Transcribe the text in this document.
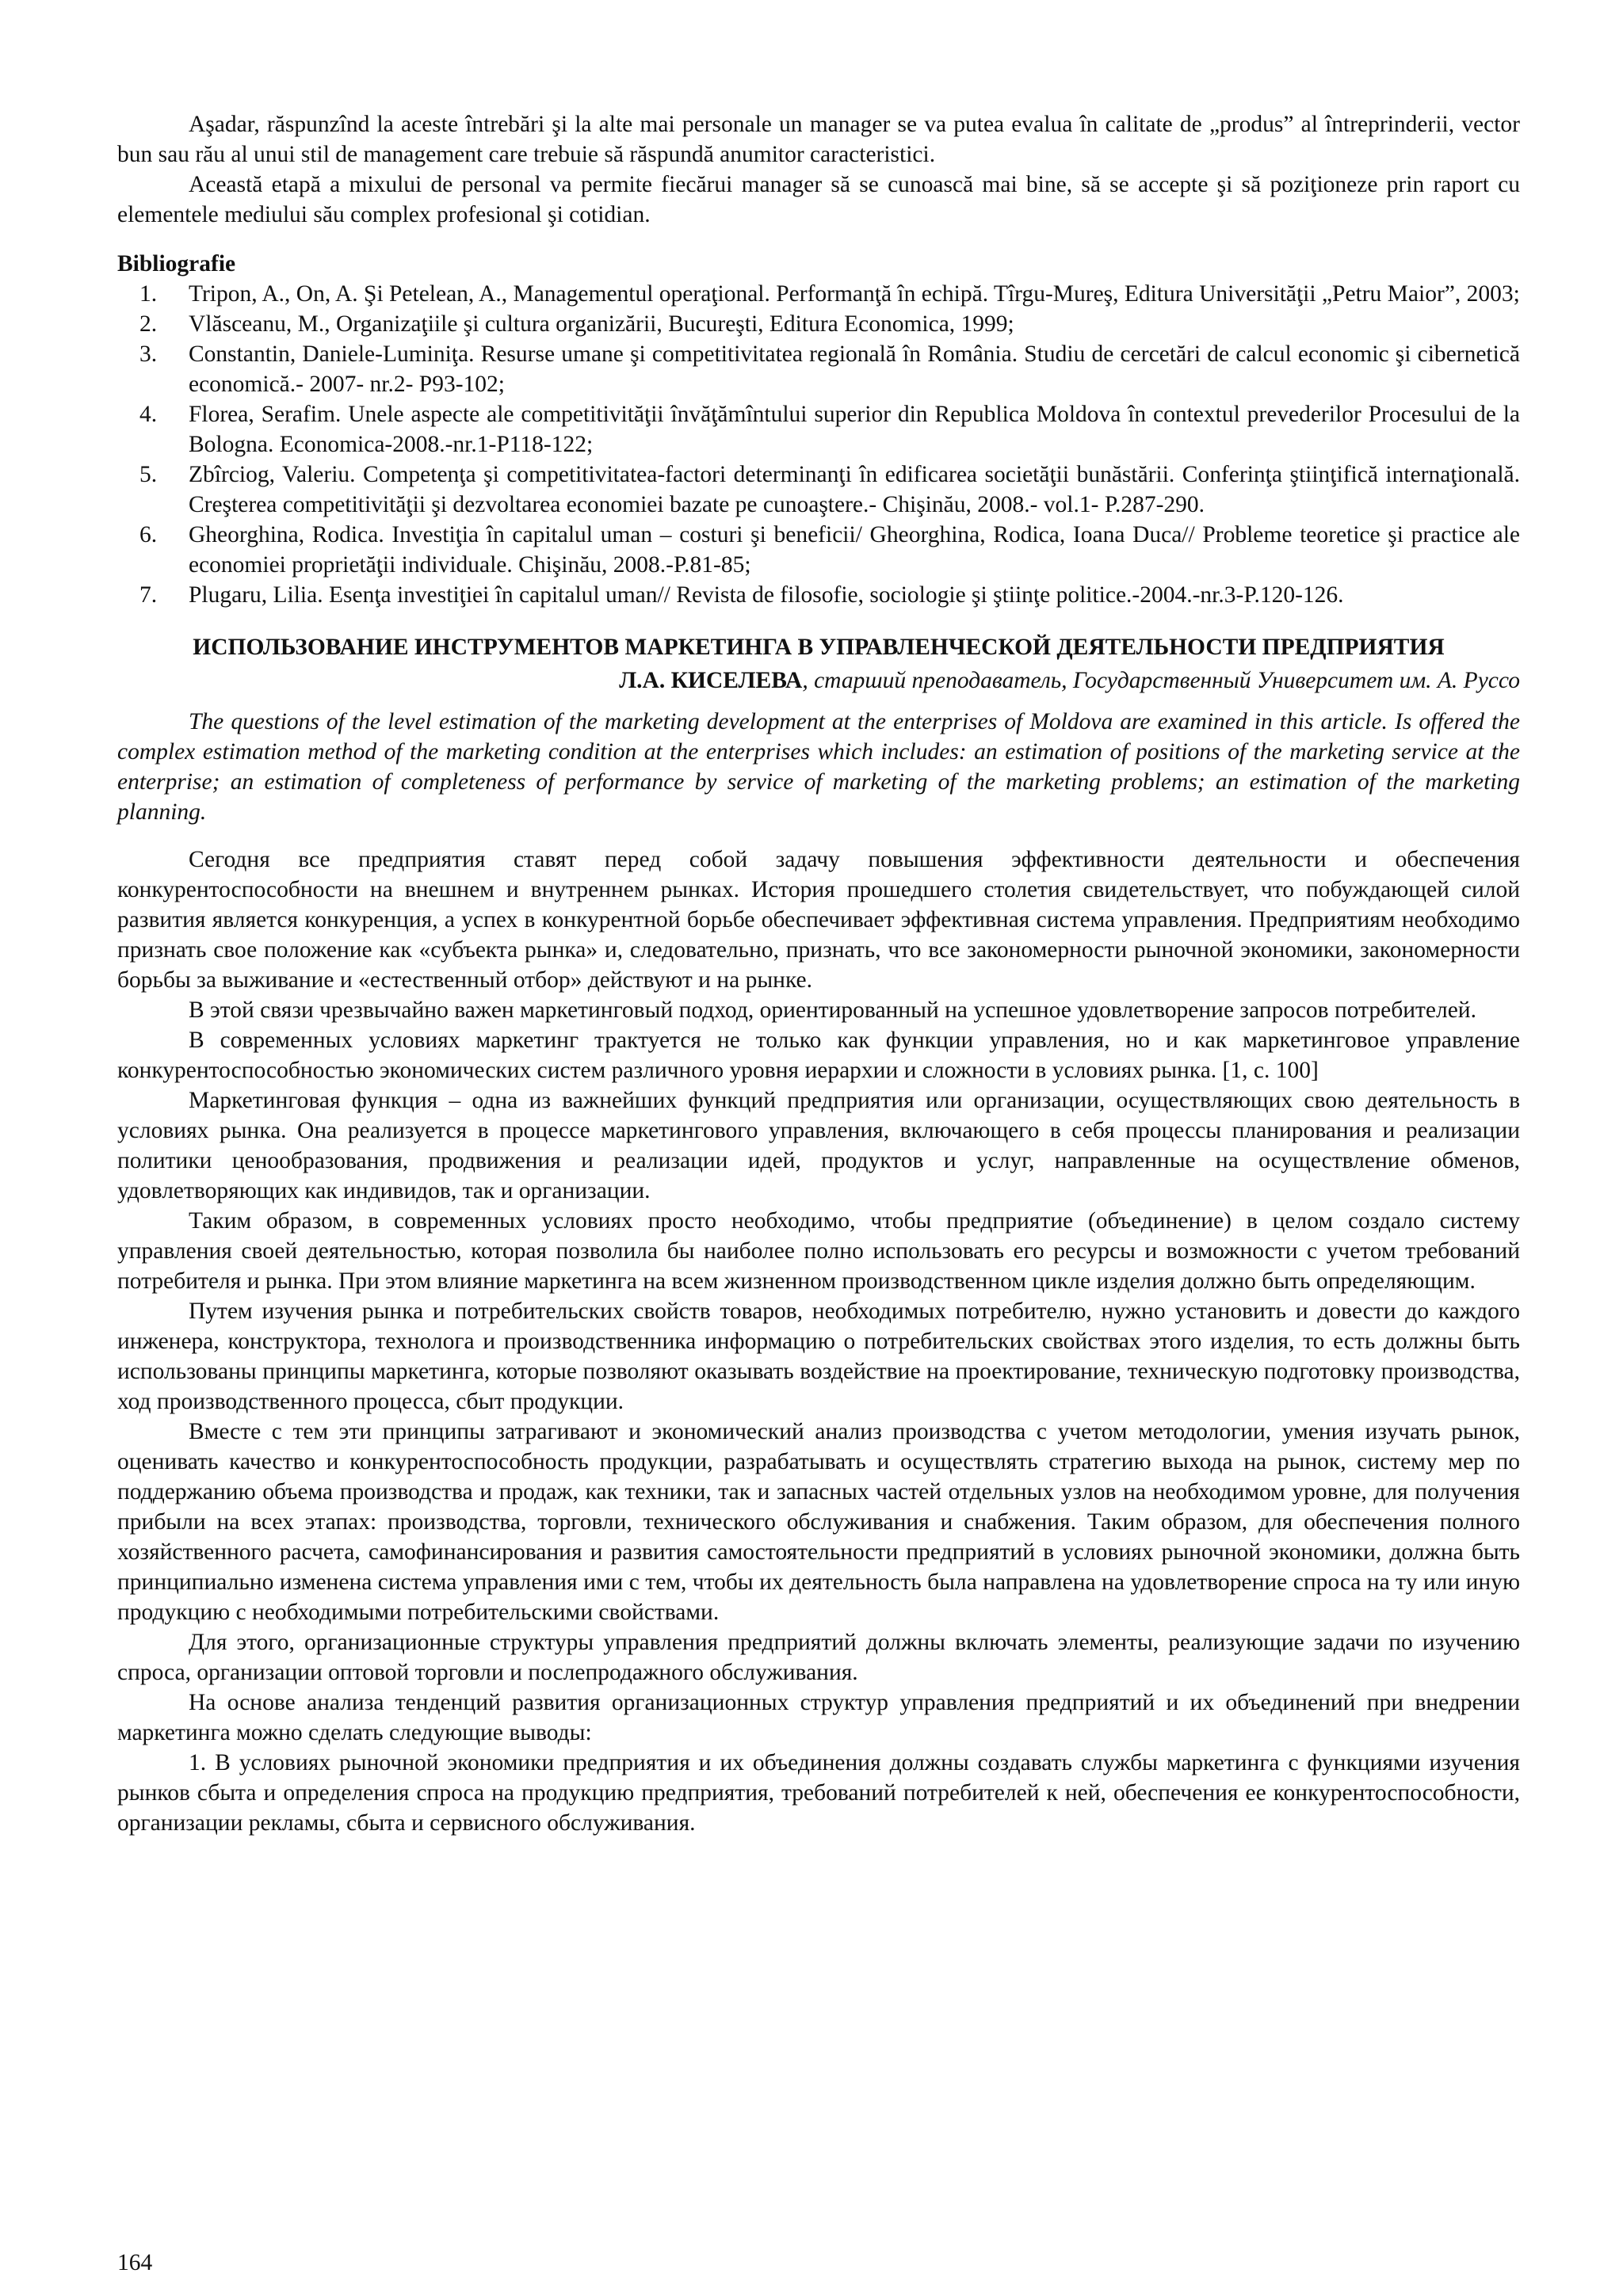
Aşadar, răspunzînd la aceste întrebări şi la alte mai personale un manager se va putea evalua în calitate de „produs” al întreprinderii, vector bun sau rău al unui stil de management care trebuie să răspundă anumitor caracteristici.

Această etapă a mixului de personal va permite fiecărui manager să se cunoască mai bine, să se accepte şi să poziţioneze prin raport cu elementele mediului său complex profesional şi cotidian.

Bibliografie
1. Tripon, A., On, A. Şi Petelean, A., Managementul operaţional. Performanţă în echipă. Tîrgu-Mureş, Editura Universităţii „Petru Maior”, 2003;
2. Vlăsceanu, M., Organizaţiile şi cultura organizării, Bucureşti, Editura Economica, 1999;
3. Constantin, Daniele-Luminiţa. Resurse umane şi competitivitatea regională în România. Studiu de cercetări de calcul economic şi cibernetică economică.- 2007- nr.2- P93-102;
4. Florea, Serafim. Unele aspecte ale competitivităţii învăţămîntului superior din Republica Moldova în contextul prevederilor Procesului de la Bologna. Economica-2008.-nr.1-P118-122;
5. Zbîrciog, Valeriu. Competenţa şi competitivitatea-factori determinanţi în edificarea societăţii bunăstării. Conferinţa ştiinţifică internaţională. Creşterea competitivităţii şi dezvoltarea economiei bazate pe cunoaştere.- Chişinău, 2008.- vol.1- P.287-290.
6. Gheorghina, Rodica. Investiţia în capitalul uman – costuri şi beneficii/ Gheorghina, Rodica, Ioana Duca// Probleme teoretice şi practice ale economiei proprietăţii individuale. Chişinău, 2008.-P.81-85;
7. Plugaru, Lilia. Esenţa investiţiei în capitalul uman// Revista de filosofie, sociologie şi ştiinţe politice.-2004.-nr.3-P.120-126.
ИСПОЛЬЗОВАНИЕ ИНСТРУМЕНТОВ МАРКЕТИНГА В УПРАВЛЕНЧЕСКОЙ ДЕЯТЕЛЬНОСТИ ПРЕДПРИЯТИЯ
Л.А. КИСЕЛЕВА, старший преподаватель, Государственный Университет им. А. Руссо

The questions of the level estimation of the marketing development at the enterprises of Moldova are examined in this article. Is offered the complex estimation method of the marketing condition at the enterprises which includes: an estimation of positions of the marketing service at the enterprise; an estimation of completeness of performance by service of marketing of the marketing problems; an estimation of the marketing planning.

Сегодня все предприятия ставят перед собой задачу повышения эффективности деятельности и обеспечения конкурентоспособности на внешнем и внутреннем рынках. История прошедшего столетия свидетельствует, что побуждающей силой развития является конкуренция, а успех в конкурентной борьбе обеспечивает эффективная система управления. Предприятиям необходимо признать свое положение как «субъекта рынка» и, следовательно, признать, что все закономерности рыночной экономики, закономерности борьбы за выживание и «естественный отбор» действуют и на рынке.

В этой связи чрезвычайно важен маркетинговый подход, ориентированный на успешное удовлетворение запросов потребителей.

В современных условиях маркетинг трактуется не только как функции управления, но и как маркетинговое управление конкурентоспособностью экономических систем различного уровня иерархии и сложности в условиях рынка. [1, с. 100]

Маркетинговая функция – одна из важнейших функций предприятия или организации, осуществляющих свою деятельность в условиях рынка. Она реализуется в процессе маркетингового управления, включающего в себя процессы планирования и реализации политики ценообразования, продвижения и реализации идей, продуктов и услуг, направленные на осуществление обменов, удовлетворяющих как индивидов, так и организации.

Таким образом, в современных условиях просто необходимо, чтобы предприятие (объединение) в целом создало систему управления своей деятельностью, которая позволила бы наиболее полно использовать его ресурсы и возможности с учетом требований потребителя и рынка. При этом влияние маркетинга на всем жизненном производственном цикле изделия должно быть определяющим.

Путем изучения рынка и потребительских свойств товаров, необходимых потребителю, нужно установить и довести до каждого инженера, конструктора, технолога и производственника информацию о потребительских свойствах этого изделия, то есть должны быть использованы принципы маркетинга, которые позволяют оказывать воздействие на проектирование, техническую подготовку производства, ход производственного процесса, сбыт продукции.

Вместе с тем эти принципы затрагивают и экономический анализ производства с учетом методологии, умения изучать рынок, оценивать качество и конкурентоспособность продукции, разрабатывать и осуществлять стратегию выхода на рынок, систему мер по поддержанию объема производства и продаж, как техники, так и запасных частей отдельных узлов на необходимом уровне, для получения прибыли на всех этапах: производства, торговли, технического обслуживания и снабжения. Таким образом, для обеспечения полного хозяйственного расчета, самофинансирования и развития самостоятельности предприятий в условиях рыночной экономики, должна быть принципиально изменена система управления ими с тем, чтобы их деятельность была направлена на удовлетворение спроса на ту или иную продукцию с необходимыми потребительскими свойствами.

Для этого, организационные структуры управления предприятий должны включать элементы, реализующие задачи по изучению спроса, организации оптовой торговли и послепродажного обслуживания.

На основе анализа тенденций развития организационных структур управления предприятий и их объединений при внедрении маркетинга можно сделать следующие выводы:

1. В условиях рыночной экономики предприятия и их объединения должны создавать службы маркетинга с функциями изучения рынков сбыта и определения спроса на продукцию предприятия, требований потребителей к ней, обеспечения ее конкурентоспособности, организации рекламы, сбыта и сервисного обслуживания.

164
